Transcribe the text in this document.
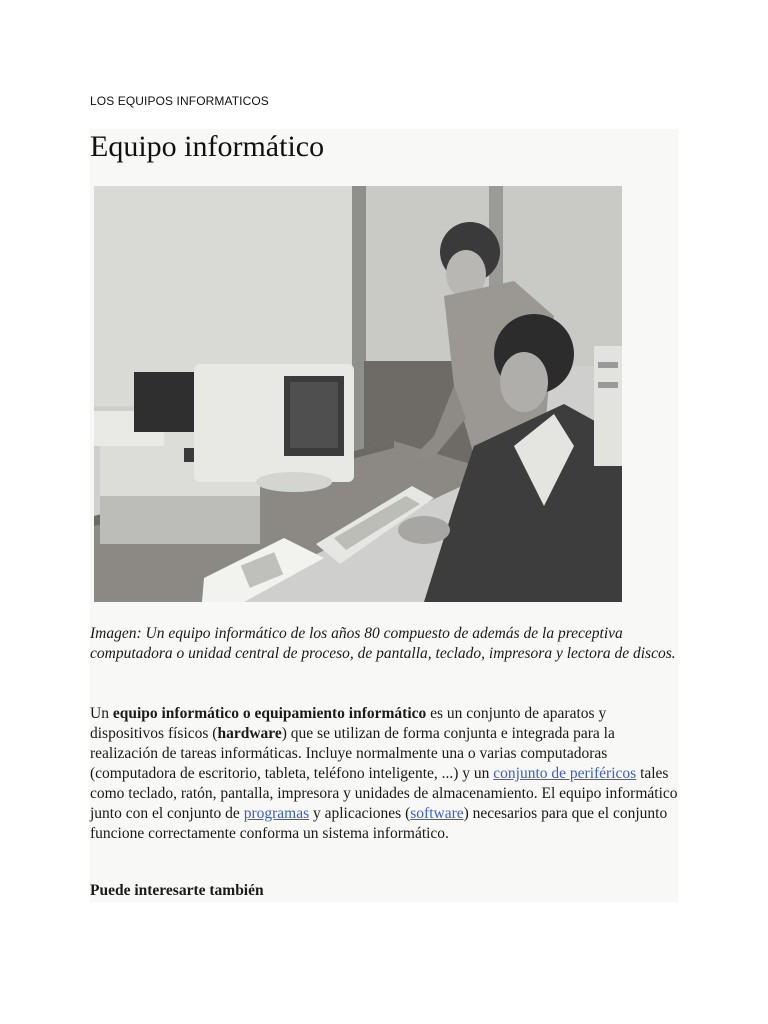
LOS EQUIPOS INFORMATICOS
Equipo informático
Imagen: Un equipo informático de los años 80 compuesto de además de la preceptiva computadora o unidad central de proceso, de pantalla, teclado, impresora y lectora de discos.
Un equipo informático o equipamiento informático es un conjunto de aparatos y dispositivos físicos (hardware) que se utilizan de forma conjunta e integrada para la realización de tareas informáticas. Incluye normalmente una o varias computadoras (computadora de escritorio, tableta, teléfono inteligente, ...) y un conjunto de periféricos tales como teclado, ratón, pantalla, impresora y unidades de almacenamiento. El equipo informático junto con el conjunto de programas y aplicaciones (software) necesarios para que el conjunto funcione correctamente conforma un sistema informático.
Puede interesarte también
